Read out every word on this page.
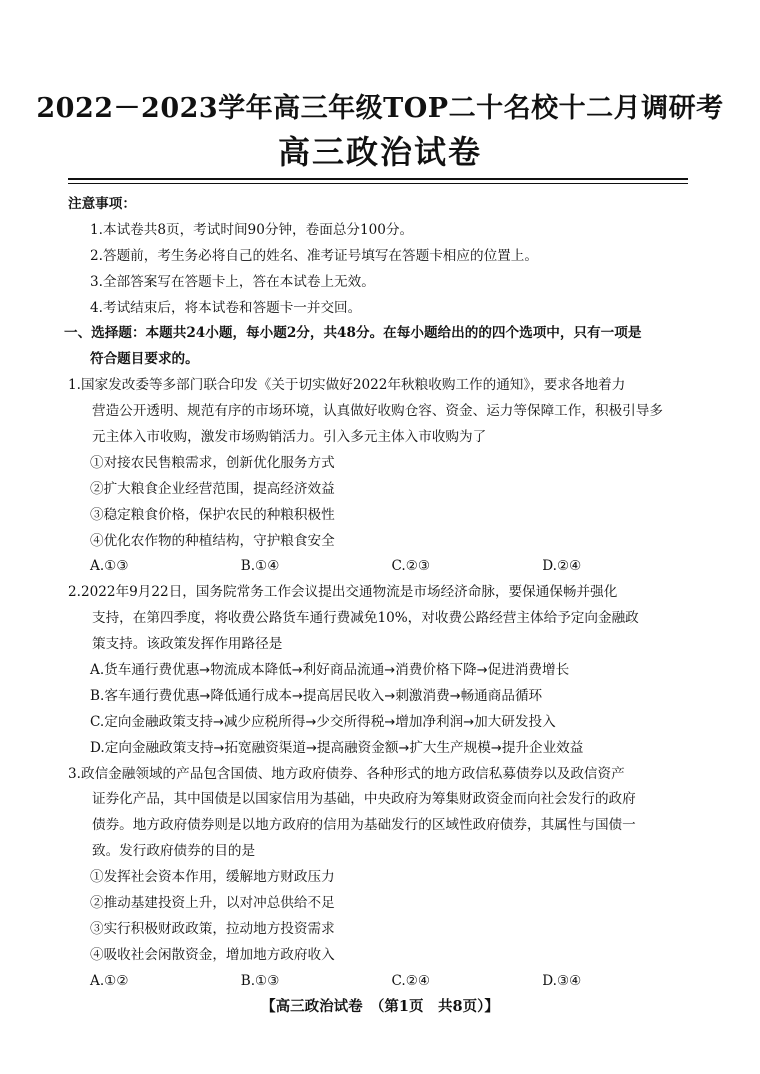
2022－2023学年高三年级TOP二十名校十二月调研考
高三政治试卷
注意事项：
1.本试卷共8页，考试时间90分钟，卷面总分100分。
2.答题前，考生务必将自己的姓名、准考证号填写在答题卡相应的位置上。
3.全部答案写在答题卡上，答在本试卷上无效。
4.考试结束后，将本试卷和答题卡一并交回。
一、选择题：本题共24小题，每小题2分，共48分。在每小题给出的的四个选项中，只有一项是
符合题目要求的。
1.国家发改委等多部门联合印发《关于切实做好2022年秋粮收购工作的通知》，要求各地着力
营造公开透明、规范有序的市场环境，认真做好收购仓容、资金、运力等保障工作，积极引导多
元主体入市收购，激发市场购销活力。引入多元主体入市收购为了
①对接农民售粮需求，创新优化服务方式
②扩大粮食企业经营范围，提高经济效益
③稳定粮食价格，保护农民的种粮积极性
④优化农作物的种植结构，守护粮食安全
A.①③	B.①④	C.②③	D.②④
2.2022年9月22日，国务院常务工作会议提出交通物流是市场经济命脉，要保通保畅并强化
支持，在第四季度，将收费公路货车通行费减免10%，对收费公路经营主体给予定向金融政
策支持。该政策发挥作用路径是
A.货车通行费优惠→物流成本降低→利好商品流通→消费价格下降→促进消费增长
B.客车通行费优惠→降低通行成本→提高居民收入→刺激消费→畅通商品循环
C.定向金融政策支持→减少应税所得→少交所得税→增加净利润→加大研发投入
D.定向金融政策支持→拓宽融资渠道→提高融资金额→扩大生产规模→提升企业效益
3.政信金融领域的产品包含国债、地方政府债券、各种形式的地方政信私募债券以及政信资产
证券化产品，其中国债是以国家信用为基础，中央政府为筹集财政资金而向社会发行的政府
债券。地方政府债券则是以地方政府的信用为基础发行的区域性政府债券，其属性与国债一
致。发行政府债券的目的是
①发挥社会资本作用，缓解地方财政压力
②推动基建投资上升，以对冲总供给不足
③实行积极财政政策，拉动地方投资需求
④吸收社会闲散资金，增加地方政府收入
A.①②	B.①③	C.②④	D.③④
【高三政治试卷　（第1页　共8页）】
